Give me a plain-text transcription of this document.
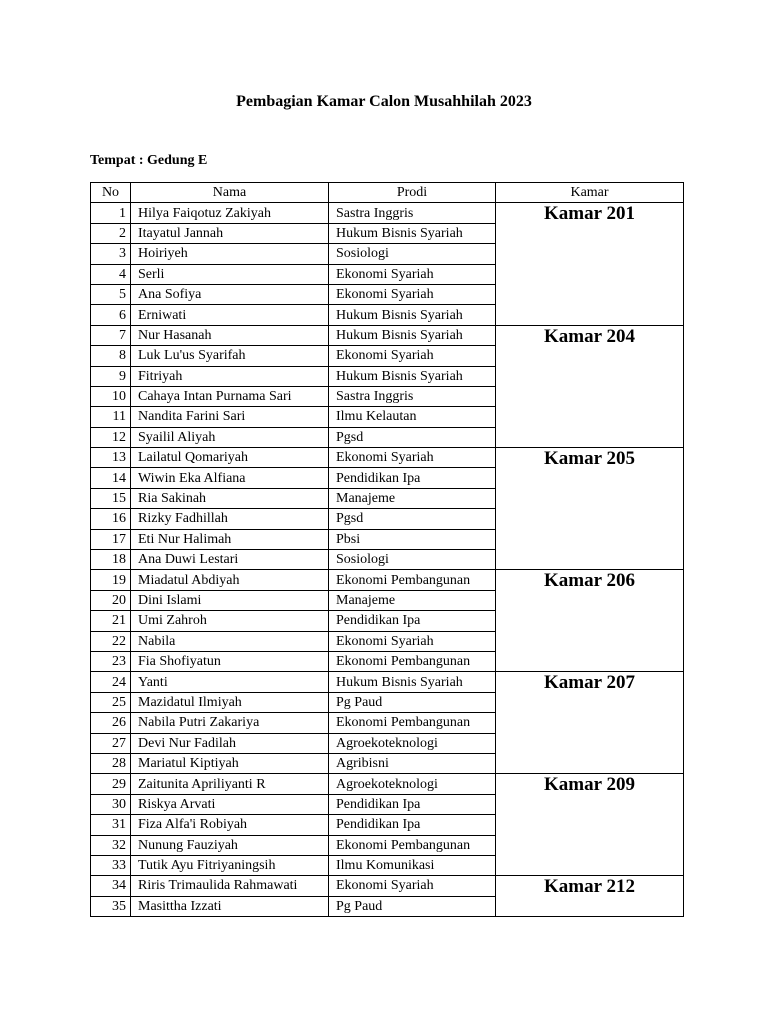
Pembagian Kamar Calon Musahhilah 2023
Tempat : Gedung E
No	Nama	Prodi	Kamar
1	Hilya Faiqotuz Zakiyah	Sastra Inggris	Kamar 201
2	Itayatul Jannah	Hukum Bisnis Syariah	
3	Hoiriyeh	Sosiologi	
4	Serli	Ekonomi Syariah	
5	Ana Sofiya	Ekonomi Syariah	
6	Erniwati	Hukum Bisnis Syariah	
7	Nur Hasanah	Hukum Bisnis Syariah	Kamar 204
8	Luk Lu'us Syarifah	Ekonomi Syariah	
9	Fitriyah	Hukum Bisnis Syariah	
10	Cahaya Intan Purnama Sari	Sastra Inggris	
11	Nandita Farini Sari	Ilmu Kelautan	
12	Syailil Aliyah	Pgsd	
13	Lailatul Qomariyah	Ekonomi Syariah	Kamar 205
14	Wiwin Eka Alfiana	Pendidikan Ipa	
15	Ria Sakinah	Manajeme	
16	Rizky Fadhillah	Pgsd	
17	Eti Nur Halimah	Pbsi	
18	Ana Duwi Lestari	Sosiologi	
19	Miadatul Abdiyah	Ekonomi Pembangunan	Kamar 206
20	Dini Islami	Manajeme	
21	Umi Zahroh	Pendidikan Ipa	
22	Nabila	Ekonomi Syariah	
23	Fia Shofiyatun	Ekonomi Pembangunan	
24	Yanti	Hukum Bisnis Syariah	Kamar 207
25	Mazidatul Ilmiyah	Pg Paud	
26	Nabila Putri Zakariya	Ekonomi Pembangunan	
27	Devi Nur Fadilah	Agroekoteknologi	
28	Mariatul Kiptiyah	Agribisni	
29	Zaitunita Apriliyanti R	Agroekoteknologi	Kamar 209
30	Riskya Arvati	Pendidikan Ipa	
31	Fiza Alfa'i Robiyah	Pendidikan Ipa	
32	Nunung Fauziyah	Ekonomi Pembangunan	
33	Tutik Ayu Fitriyaningsih	Ilmu Komunikasi	
34	Riris Trimaulida Rahmawati	Ekonomi Syariah	Kamar 212
35	Masittha Izzati	Pg Paud	
